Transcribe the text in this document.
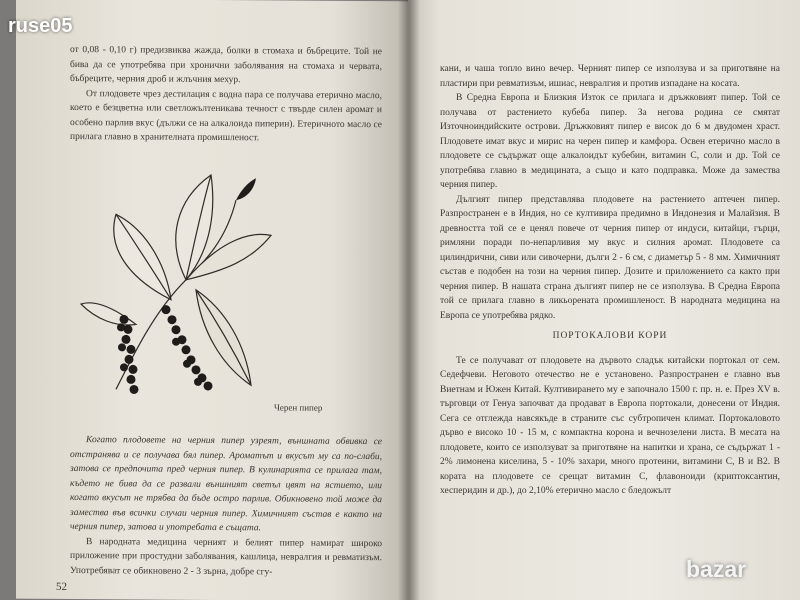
от 0,08 - 0,10 г) предизвиква жажда, болки в стомаха и бъбреците. Той не бива да се употребява при хронични заболявания на стомаха и червата, бъбреците, черния дроб и жлъчния мехур.

От плодовете чрез дестилация с водна пара се получава етерично масло, което е безцветна или светложълтеникава течност с твърде силен аромат и особено парлив вкус (дължи се на алкалоида пиперин). Етеричното масло се прилага главно в хранителната промишленост.

Черен пипер

Когато плодовете на черния пипер узреят, външната обвивка се отстранява и се получава бял пипер. Ароматът и вкусът му са по-слаби, затова се предпочита пред черния пипер. В кулинарията се прилага там, където не бива да се развали външният светъл цвят на ястието, или когато вкусът не трябва да бъде остро парлив. Обикновено той може да замества във всички случаи черния пипер. Химичният състав е както на черния пипер, затова и употребата е същата.

В народната медицина черният и белият пипер намират широко приложение при простудни заболявания, кашлица, невралгия и ревматизъм. Употребяват се обикновено 2 - 3 зърна, добре сгу-

52

кани, и чаша топло вино вечер. Черният пипер се използува и за приготвяне на пластири при ревматизъм, ишиас, невралгия и против изпадане на косата.

В Средна Европа и Близкия Изток се прилага и дръжковият пипер. Той се получава от растението кубеба пипер. За негова родина се смятат Източноиндийските острови. Дръжковият пипер е висок до 6 м двудомен храст. Плодовете имат вкус и мирис на черен пипер и камфора. Освен етерично масло в плодовете се съдържат още алкалоидът кубебин, витамин С, соли и др. Той се употребява главно в медицината, а също и като подправка. Може да замества черния пипер.

Дългият пипер представлява плодовете на растението аптечен пипер. Разпространен е в Индия, но се култивира предимно в Индонезия и Малайзия. В древността той се е ценял повече от черния пипер от индуси, китайци, гърци, римляни поради по-непарливия му вкус и силния аромат. Плодовете са цилиндрични, сиви или сивочерни, дълги 2 - 6 см, с диаметър 5 - 8 мм. Химичният състав е подобен на този на черния пипер. Дозите и приложението са както при черния пипер. В нашата страна дългият пипер не се използува. В Средна Европа той се прилага главно в ликьорената промишленост. В народната медицина на Европа се употребява рядко.

ПОРТОКАЛОВИ КОРИ

Те се получават от плодовете на дървото сладък китайски портокал от сем. Седефчеви. Неговото отечество не е установено. Разпространен е главно във Виетнам и Южен Китай. Култивирането му е започнало 1500 г. пр. н. е. През XV в. търговци от Генуа започват да продават в Европа портокали, донесени от Индия. Сега се отглежда навсякъде в страните със субтропичен климат. Портокаловото дърво е високо 10 - 15 м, с компактна корона и вечнозелени листа. В месата на плодовете, които се използуват за приготвяне на напитки и храна, се съдържат 1 - 2% лимонена киселина, 5 - 10% захари, много протеини, витамини С, В и В2. В кората на плодовете се срещат витамин С, флавоноиди (криптоксантин, хесперидин и др.), до 2,10% етерично масло с бледожълт

ruse05
bazar
